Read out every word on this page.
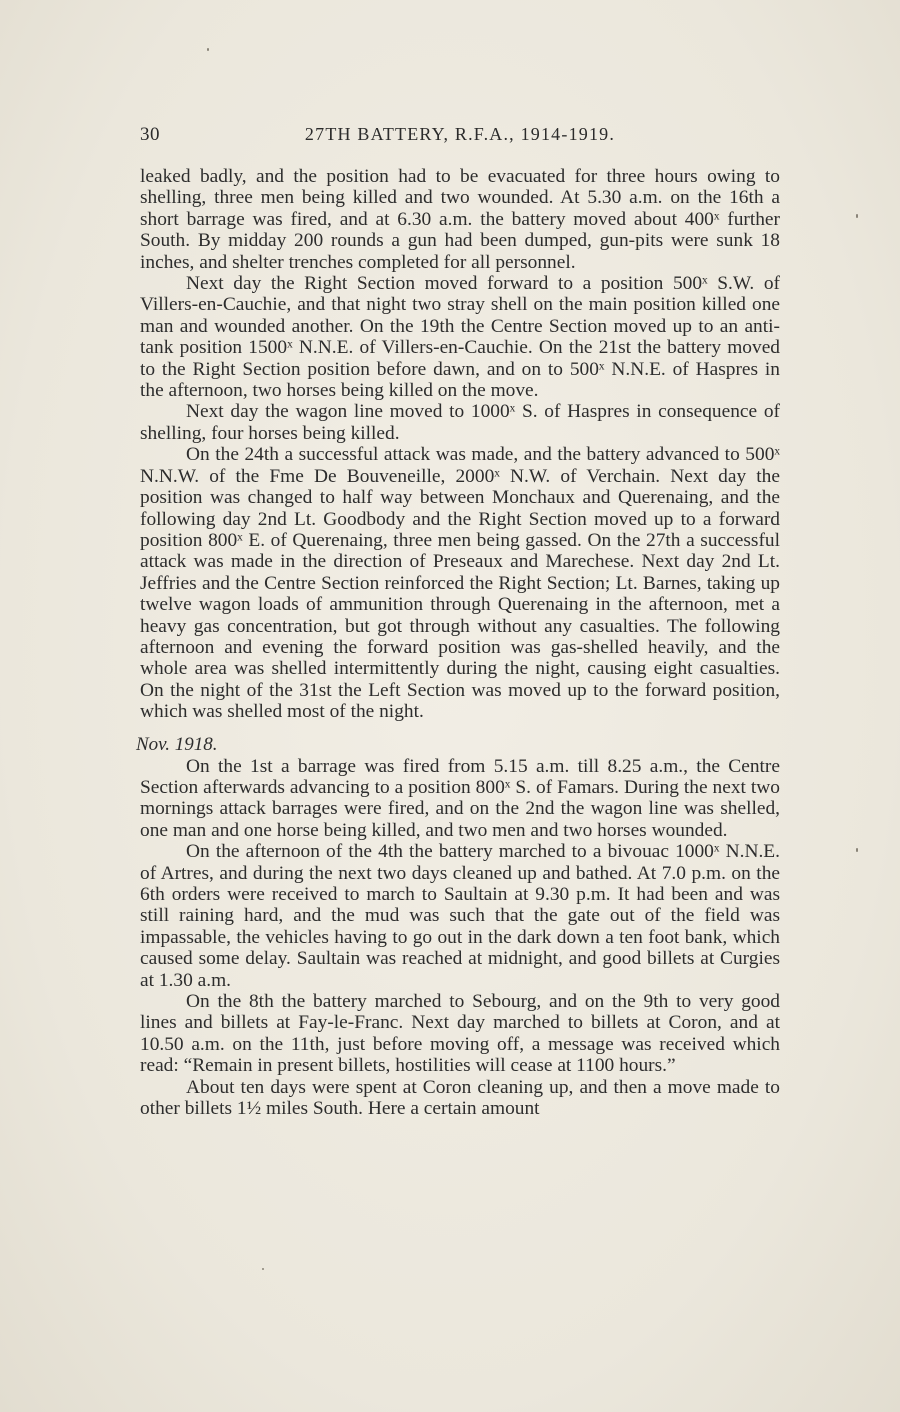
30	27TH BATTERY, R.F.A., 1914-1919.

leaked badly, and the position had to be evacuated for three hours owing to shelling, three men being killed and two wounded. At 5.30 a.m. on the 16th a short barrage was fired, and at 6.30 a.m. the battery moved about 400ˣ further South. By midday 200 rounds a gun had been dumped, gun-pits were sunk 18 inches, and shelter trenches completed for all personnel.

Next day the Right Section moved forward to a position 500ˣ S.W. of Villers-en-Cauchie, and that night two stray shell on the main position killed one man and wounded another. On the 19th the Centre Section moved up to an anti-tank position 1500ˣ N.N.E. of Villers-en-Cauchie. On the 21st the battery moved to the Right Section position before dawn, and on to 500ˣ N.N.E. of Haspres in the afternoon, two horses being killed on the move.

Next day the wagon line moved to 1000ˣ S. of Haspres in consequence of shelling, four horses being killed.

On the 24th a successful attack was made, and the battery advanced to 500ˣ N.N.W. of the Fme De Bouveneille, 2000ˣ N.W. of Verchain. Next day the position was changed to half way between Monchaux and Querenaing, and the following day 2nd Lt. Goodbody and the Right Section moved up to a forward position 800ˣ E. of Querenaing, three men being gassed. On the 27th a successful attack was made in the direction of Preseaux and Marechese. Next day 2nd Lt. Jeffries and the Centre Section reinforced the Right Section; Lt. Barnes, taking up twelve wagon loads of ammunition through Querenaing in the afternoon, met a heavy gas concentration, but got through without any casualties. The following afternoon and evening the forward position was gas-shelled heavily, and the whole area was shelled intermittently during the night, causing eight casualties. On the night of the 31st the Left Section was moved up to the forward position, which was shelled most of the night.

Nov. 1918.

On the 1st a barrage was fired from 5.15 a.m. till 8.25 a.m., the Centre Section afterwards advancing to a position 800ˣ S. of Famars. During the next two mornings attack barrages were fired, and on the 2nd the wagon line was shelled, one man and one horse being killed, and two men and two horses wounded.

On the afternoon of the 4th the battery marched to a bivouac 1000ˣ N.N.E. of Artres, and during the next two days cleaned up and bathed. At 7.0 p.m. on the 6th orders were received to march to Saultain at 9.30 p.m. It had been and was still raining hard, and the mud was such that the gate out of the field was impassable, the vehicles having to go out in the dark down a ten foot bank, which caused some delay. Saultain was reached at midnight, and good billets at Curgies at 1.30 a.m.

On the 8th the battery marched to Sebourg, and on the 9th to very good lines and billets at Fay-le-Franc. Next day marched to billets at Coron, and at 10.50 a.m. on the 11th, just before moving off, a message was received which read: “Remain in present billets, hostilities will cease at 1100 hours.”

About ten days were spent at Coron cleaning up, and then a move made to other billets 1½ miles South. Here a certain amount
